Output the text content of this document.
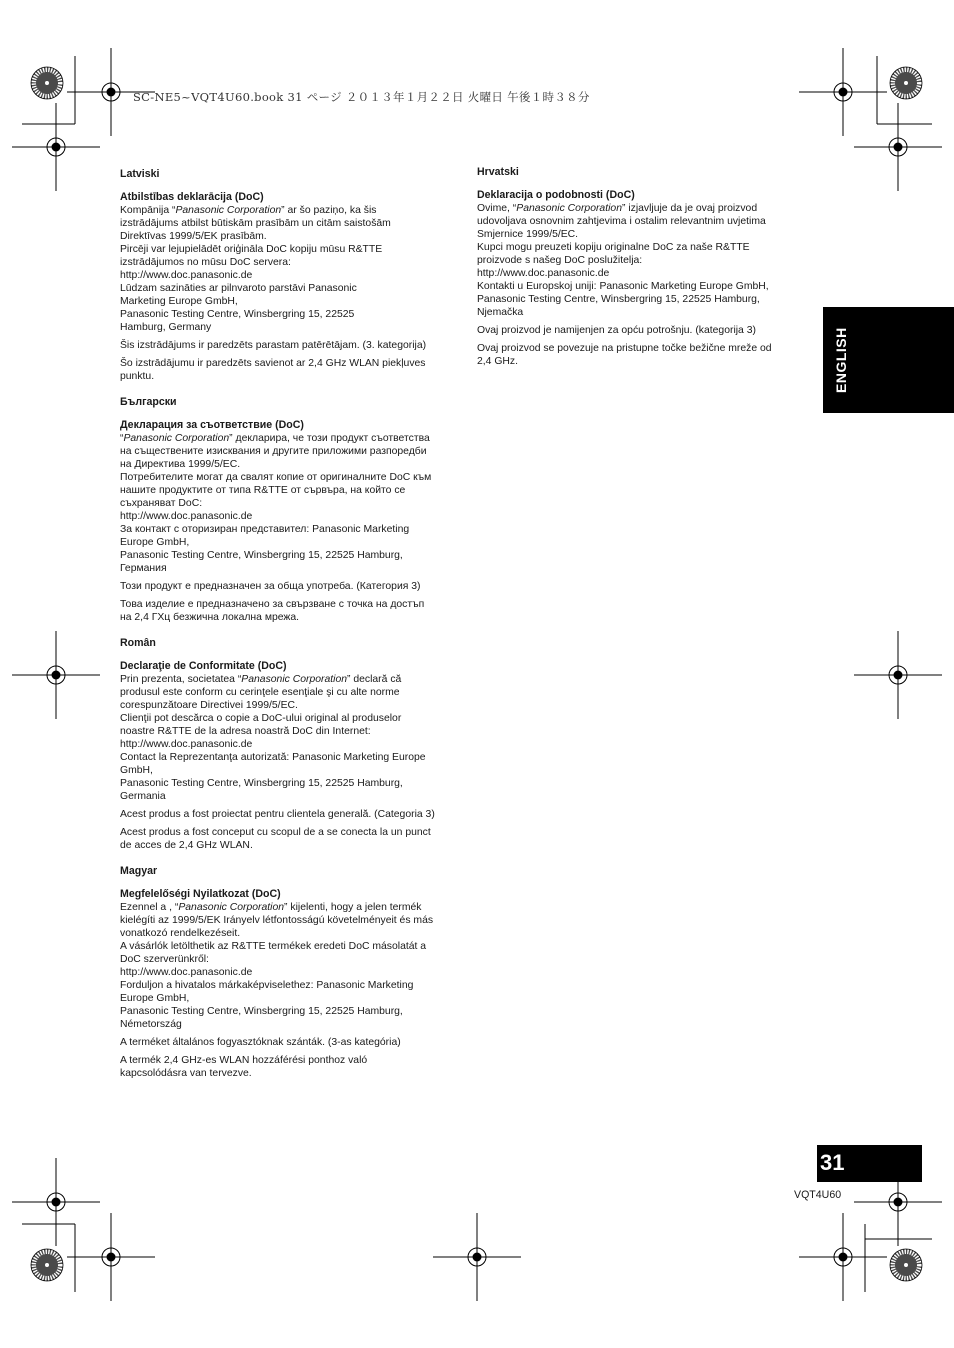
SC-NE5~VQT4U60.book 31 ページ ２０１３年１月２２日 火曜日 午後１時３８分
Latviski
Atbilstības deklarācija (DoC)
Kompānija “Panasonic Corporation” ar šo paziņo, ka šis
izstrādājums atbilst būtiskām prasībām un citām saistošām
Direktīvas 1999/5/EK prasībām.
Pircēji var lejupielādēt oriģināla DoC kopiju mūsu R&TTE
izstrādājumos no mūsu DoC servera:
http://www.doc.panasonic.de
Lūdzam sazināties ar pilnvaroto parstāvi Panasonic
Marketing Europe GmbH,
Panasonic Testing Centre, Winsbergring 15, 22525
Hamburg, Germany
Šis izstrādājums ir paredzēts parastam patērētājam. (3. kategorija)
Šo izstrādājumu ir paredzēts savienot ar 2,4 GHz WLAN piekļuves
punktu.
Български
Декларация за съответствие (DoC)
“Panasonic Corporation” декларира, че този продукт съответства
на съществените изисквания и другите приложими разпоредби
на Директива 1999/5/ЕС.
Потребителите могат да свалят копие от оригиналните DoC към
нашите продуктите от типа R&TTE от сървъра, на който се
съхраняват DoC:
http://www.doc.panasonic.de
За контакт с оторизиран представител: Panasonic Marketing
Europe GmbH,
Panasonic Testing Centre, Winsbergring 15, 22525 Hamburg,
Германия
Този продукт е предназначен за обща употреба. (Категория 3)
Това изделие е предназначено за свързване с точка на достъп
на 2,4 ГХц безжична локална мрежа.
Român
Declaraţie de Conformitate (DoC)
Prin prezenta, societatea “Panasonic Corporation” declară că
produsul este conform cu cerinţele esenţiale şi cu alte norme
corespunzătoare Directivei 1999/5/EC.
Clienţii pot descărca o copie a DoC-ului original al produselor
noastre R&TTE de la adresa noastră DoC din Internet:
http://www.doc.panasonic.de
Contact la Reprezentanţa autorizată: Panasonic Marketing Europe
GmbH,
Panasonic Testing Centre, Winsbergring 15, 22525 Hamburg,
Germania
Acest produs a fost proiectat pentru clientela generală. (Categoria 3)
Acest produs a fost conceput cu scopul de a se conecta la un punct
de acces de 2,4 GHz WLAN.
Magyar
Megfelelőségi Nyilatkozat (DoC)
Ezennel a , “Panasonic Corporation” kijelenti, hogy a jelen termék
kielégíti az 1999/5/EK Irányelv létfontosságú követelményeit és más
vonatkozó rendelkezéseit.
A vásárlók letölthetik az R&TTE termékek eredeti DoC másolatát a
DoC szerverünkről:
http://www.doc.panasonic.de
Forduljon a hivatalos márkaképviselethez: Panasonic Marketing
Europe GmbH,
Panasonic Testing Centre, Winsbergring 15, 22525 Hamburg,
Németország
A terméket általános fogyasztóknak szánták. (3-as kategória)
A termék 2,4 GHz-es WLAN hozzáférési ponthoz való
kapcsolódásra van tervezve.
Hrvatski
Deklaracija o podobnosti (DoC)
Ovime, “Panasonic Corporation” izjavljuje da je ovaj proizvod
udovoljava osnovnim zahtjevima i ostalim relevantnim uvjetima
Smjernice 1999/5/EC.
Kupci mogu preuzeti kopiju originalne DoC za naše R&TTE
proizvode s našeg DoC poslužitelja:
http://www.doc.panasonic.de
Kontakti u Europskoj uniji: Panasonic Marketing Europe GmbH,
Panasonic Testing Centre, Winsbergring 15, 22525 Hamburg,
Njemačka
Ovaj proizvod je namijenjen za opću potrošnju. (kategorija 3)
Ovaj proizvod se povezuje na pristupne točke bežične mreže od
2,4 GHz.	ENGLISH
31
VQT4U60
